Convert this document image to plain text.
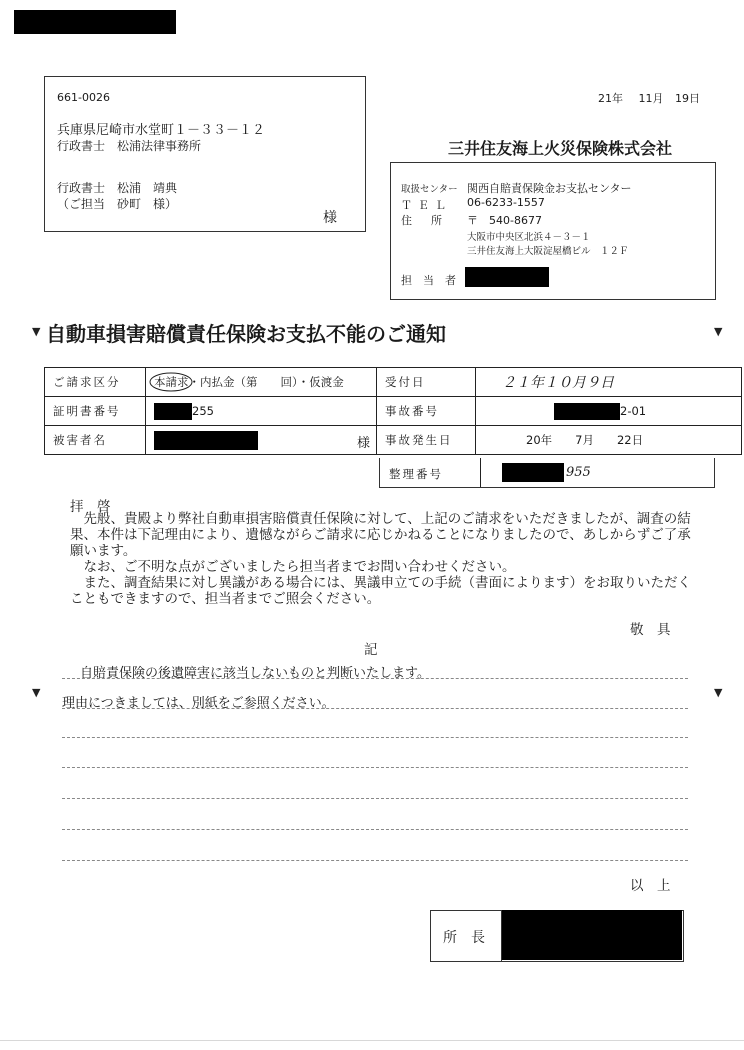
661-0026
兵庫県尼崎市水堂町１－３３－１２
行政書士　松浦法律事務所
行政書士　松浦　靖典
（ご担当　砂町　様）
様
21年 11月 19日
三井住友海上火災保険株式会社
取扱センター 関西自賠責保険金お支払センター
ＴＥＬ 06-6233-1557
住　所 〒　540-8677
大阪市中央区北浜４－３－１
三井住友海上大阪淀屋橋ビル　１２Ｆ
担　当　者
▼ 自動車損害賠償責任保険お支払不能のご通知	▼
ご請求区分	本請求・内払金（第　　回）・仮渡金	受付日	２１年１０月９日
証明書番号	255	事故番号	2-01
被害者名	様	事故発生日	20年　　7月　　22日
整理番号	955
拝　啓

　先般、貴殿より弊社自動車損害賠償責任保険に対して、上記のご請求をいただきましたが、調査の結果、本件は下記理由により、遺憾ながらご請求に応じかねることになりましたので、あしからずご了承願います。

　なお、ご不明な点がございましたら担当者までお問い合わせください。

　また、調査結果に対し異議がある場合には、異議申立ての手続（書面によります）をお取りいただくこともできますので、担当者までご照会ください。

敬　具
記
自賠責保険の後遺障害に該当しないものと判断いたします。
▼	▼
理由につきましては、別紙をご参照ください。
以　上
所　長
